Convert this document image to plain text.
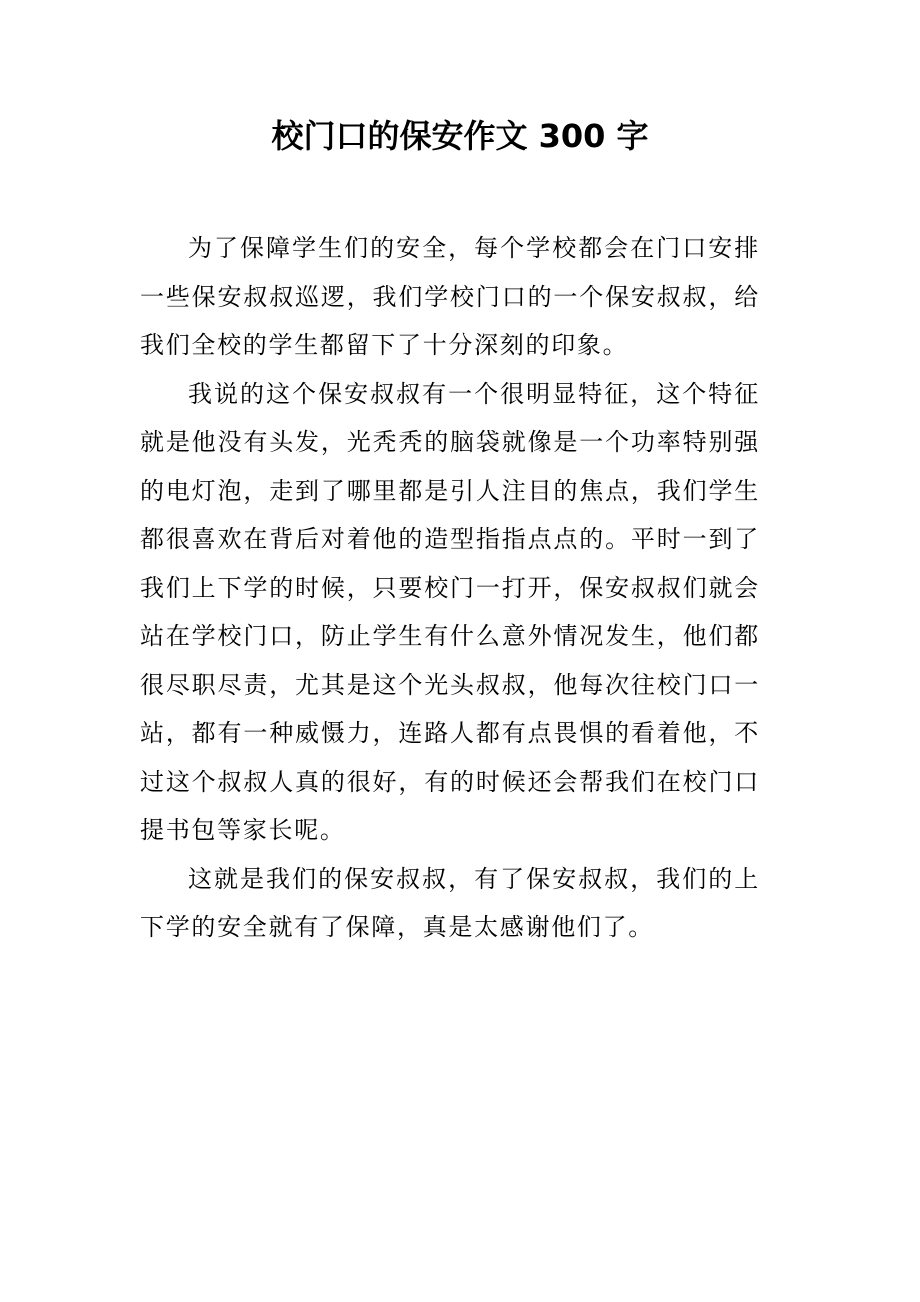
校门口的保安作文 300 字

为了保障学生们的安全，每个学校都会在门口安排一些保安叔叔巡逻，我们学校门口的一个保安叔叔，给我们全校的学生都留下了十分深刻的印象。

我说的这个保安叔叔有一个很明显特征，这个特征就是他没有头发，光秃秃的脑袋就像是一个功率特别强的电灯泡，走到了哪里都是引人注目的焦点，我们学生都很喜欢在背后对着他的造型指指点点的。平时一到了我们上下学的时候，只要校门一打开，保安叔叔们就会站在学校门口，防止学生有什么意外情况发生，他们都很尽职尽责，尤其是这个光头叔叔，他每次往校门口一站，都有一种威慑力，连路人都有点畏惧的看着他，不过这个叔叔人真的很好，有的时候还会帮我们在校门口提书包等家长呢。

这就是我们的保安叔叔，有了保安叔叔，我们的上下学的安全就有了保障，真是太感谢他们了。
